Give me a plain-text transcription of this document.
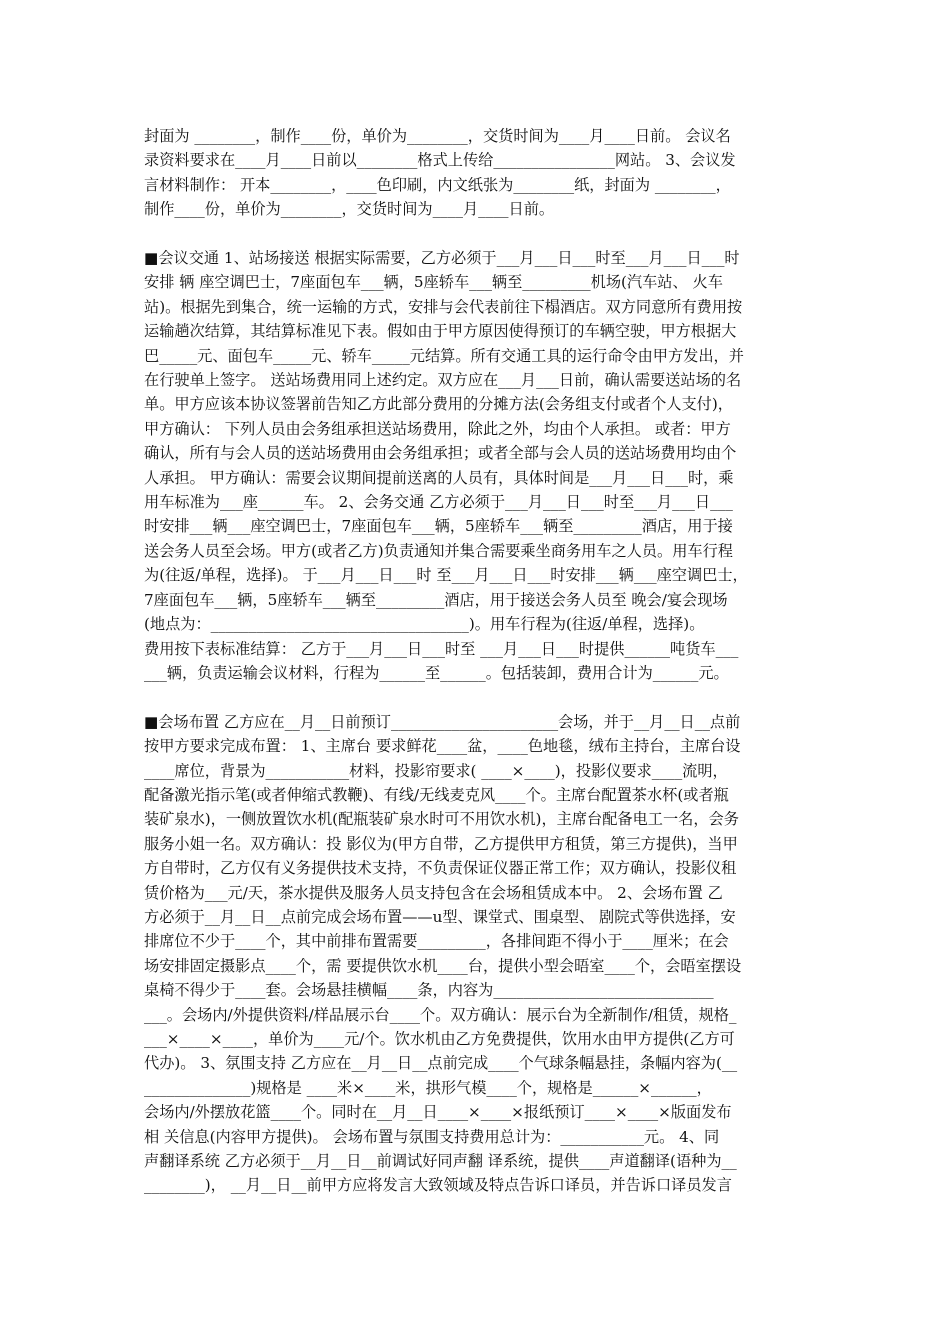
封面为 ________，制作____份，单价为________，交货时间为____月____日前。 会议名
录资料要求在____月____日前以________格式上传给________________网站。 3、会议发
言材料制作： 开本________，____色印刷，内文纸张为________纸，封面为 ________，
制作____份，单价为________，交货时间为____月____日前。
■会议交通 1、站场接送 根据实际需要，乙方必须于___月___日___时至___月___日___时
安排 辆 座空调巴士，7座面包车___辆，5座轿车___辆至_________机场(汽车站、 火车
站)。根据先到集合，统一运输的方式，安排与会代表前往下榻酒店。双方同意所有费用按
运输趟次结算，其结算标准见下表。假如由于甲方原因使得预订的车辆空驶，甲方根据大
巴_____元、面包车_____元、轿车_____元结算。所有交通工具的运行命令由甲方发出，并
在行驶单上签字。 送站场费用同上述约定。双方应在___月___日前，确认需要送站场的名
单。甲方应该本协议签署前告知乙方此部分费用的分摊方法(会务组支付或者个人支付)，
甲方确认： 下列人员由会务组承担送站场费用，除此之外，均由个人承担。 或者：甲方
确认，所有与会人员的送站场费用由会务组承担；或者全部与会人员的送站场费用均由个
人承担。 甲方确认：需要会议期间提前送离的人员有，具体时间是___月___日___时，乘
用车标准为___座______车。 2、会务交通 乙方必须于___月___日___时至___月___日___
时安排___辆___座空调巴士，7座面包车___辆，5座轿车___辆至_________酒店，用于接
送会务人员至会场。甲方(或者乙方)负责通知并集合需要乘坐商务用车之人员。用车行程
为(往返/单程，选择)。 于___月___日___时 至___月___日___时安排___辆___座空调巴士，
7座面包车___辆，5座轿车___辆至_________酒店，用于接送会务人员至 晚会/宴会现场
(地点为：__________________________________)。用车行程为(往返/单程，选择)。
费用按下表标准结算： 乙方于___月___日___时至 ___月___日___时提供______吨货车___
___辆，负责运输会议材料，行程为______至______。包括装卸，费用合计为______元。
■会场布置 乙方应在__月__日前预订______________________会场，并于__月__日__点前
按甲方要求完成布置： 1、主席台 要求鲜花____盆，____色地毯，绒布主持台，主席台设
____席位，背景为___________材料，投影帘要求( ____×____)，投影仪要求____流明，
配备激光指示笔(或者伸缩式教鞭)、有线/无线麦克风____个。主席台配置茶水杯(或者瓶
装矿泉水)，一侧放置饮水机(配瓶装矿泉水时可不用饮水机)，主席台配备电工一名，会务
服务小姐一名。双方确认：投 影仪为(甲方自带，乙方提供甲方租赁，第三方提供)，当甲
方自带时，乙方仅有义务提供技术支持，不负责保证仪器正常工作；双方确认，投影仪租
赁价格为___元/天，茶水提供及服务人员支持包含在会场租赁成本中。 2、会场布置 乙
方必须于__月__日__点前完成会场布置——u型、课堂式、围桌型、 剧院式等供选择，安
排席位不少于____个，其中前排布置需要_________，各排间距不得小于____厘米；在会
场安排固定摄影点____个，需 要提供饮水机____台，提供小型会晤室____个，会晤室摆设
桌椅不得少于____套。会场悬挂横幅____条，内容为_____________________________
___。会场内/外提供资料/样品展示台____个。双方确认：展示台为全新制作/租赁，规格_
___×____×____，单价为____元/个。饮水机由乙方免费提供，饮用水由甲方提供(乙方可
代办)。 3、氛围支持 乙方应在__月__日__点前完成____个气球条幅悬挂，条幅内容为(__
______________)规格是 ____米×____米，拱形气模____个，规格是______×______，
会场内/外摆放花篮____个。同时在__月__日____×____×报纸预订____×____×版面发布
相 关信息(内容甲方提供)。 会场布置与氛围支持费用总计为：___________元。 4、同
声翻译系统 乙方必须于__月__日__前调试好同声翻 译系统，提供____声道翻译(语种为__
________)， __月__日__前甲方应将发言大致领域及特点告诉口译员，并告诉口译员发言
